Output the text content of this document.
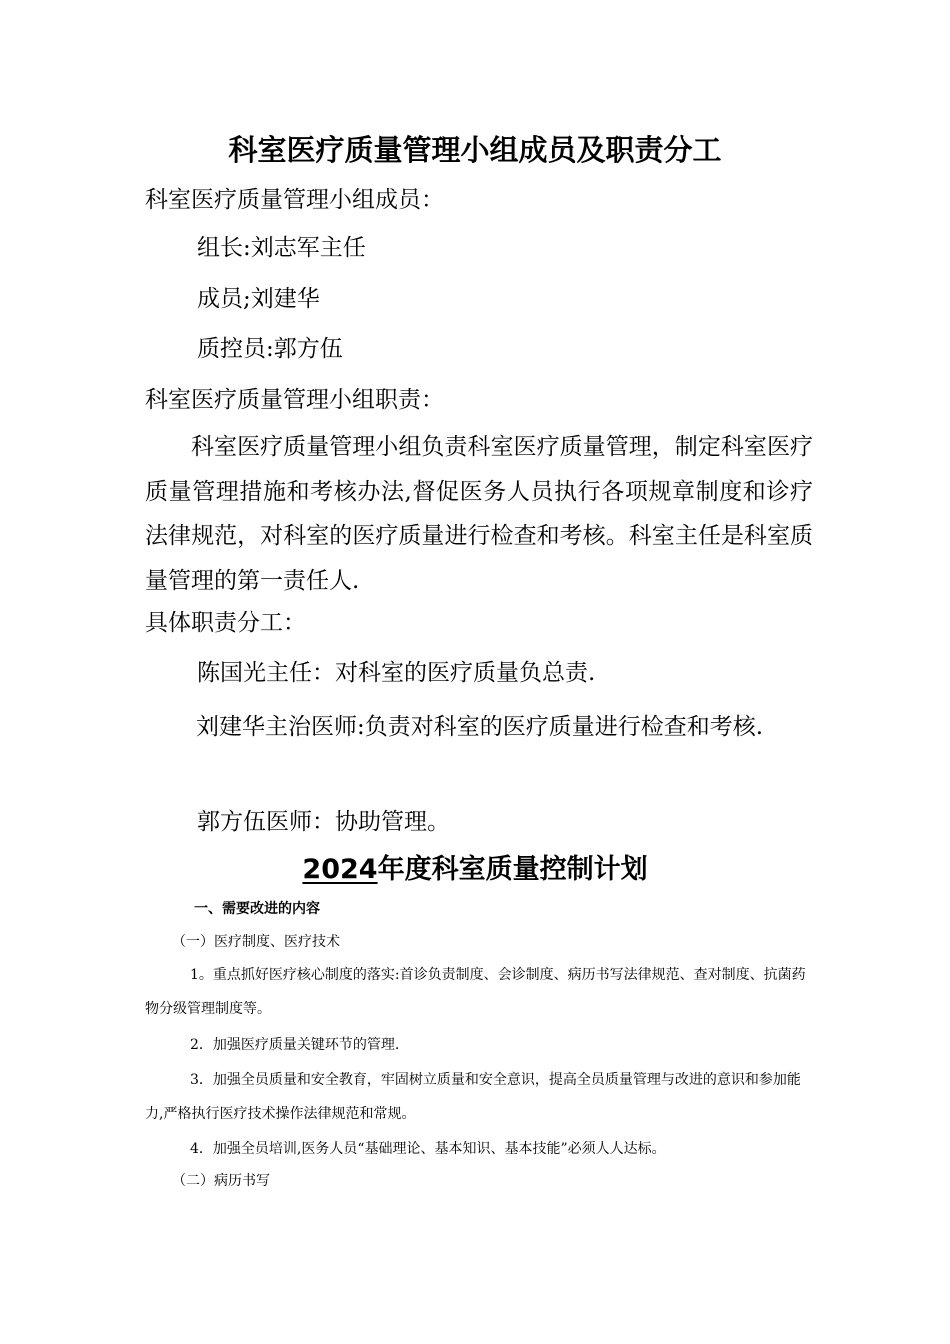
科室医疗质量管理小组成员及职责分工

科室医疗质量管理小组成员：

组长:刘志军主任

成员;刘建华

质控员:郭方伍

科室医疗质量管理小组职责：

科室医疗质量管理小组负责科室医疗质量管理，制定科室医疗质量管理措施和考核办法,督促医务人员执行各项规章制度和诊疗法律规范，对科室的医疗质量进行检查和考核。科室主任是科室质量管理的第一责任人.

具体职责分工：

陈国光主任：对科室的医疗质量负总责.

刘建华主治医师:负责对科室的医疗质量进行检查和考核.

郭方伍医师：协助管理。

2024年度科室质量控制计划

一、需要改进的内容

（一）医疗制度、医疗技术

1。重点抓好医疗核心制度的落实:首诊负责制度、会诊制度、病历书写法律规范、查对制度、抗菌药物分级管理制度等。

2．加强医疗质量关键环节的管理.

3．加强全员质量和安全教育，牢固树立质量和安全意识，提高全员质量管理与改进的意识和参加能力,严格执行医疗技术操作法律规范和常规。

4．加强全员培训,医务人员“基础理论、基本知识、基本技能”必须人人达标。

（二）病历书写
